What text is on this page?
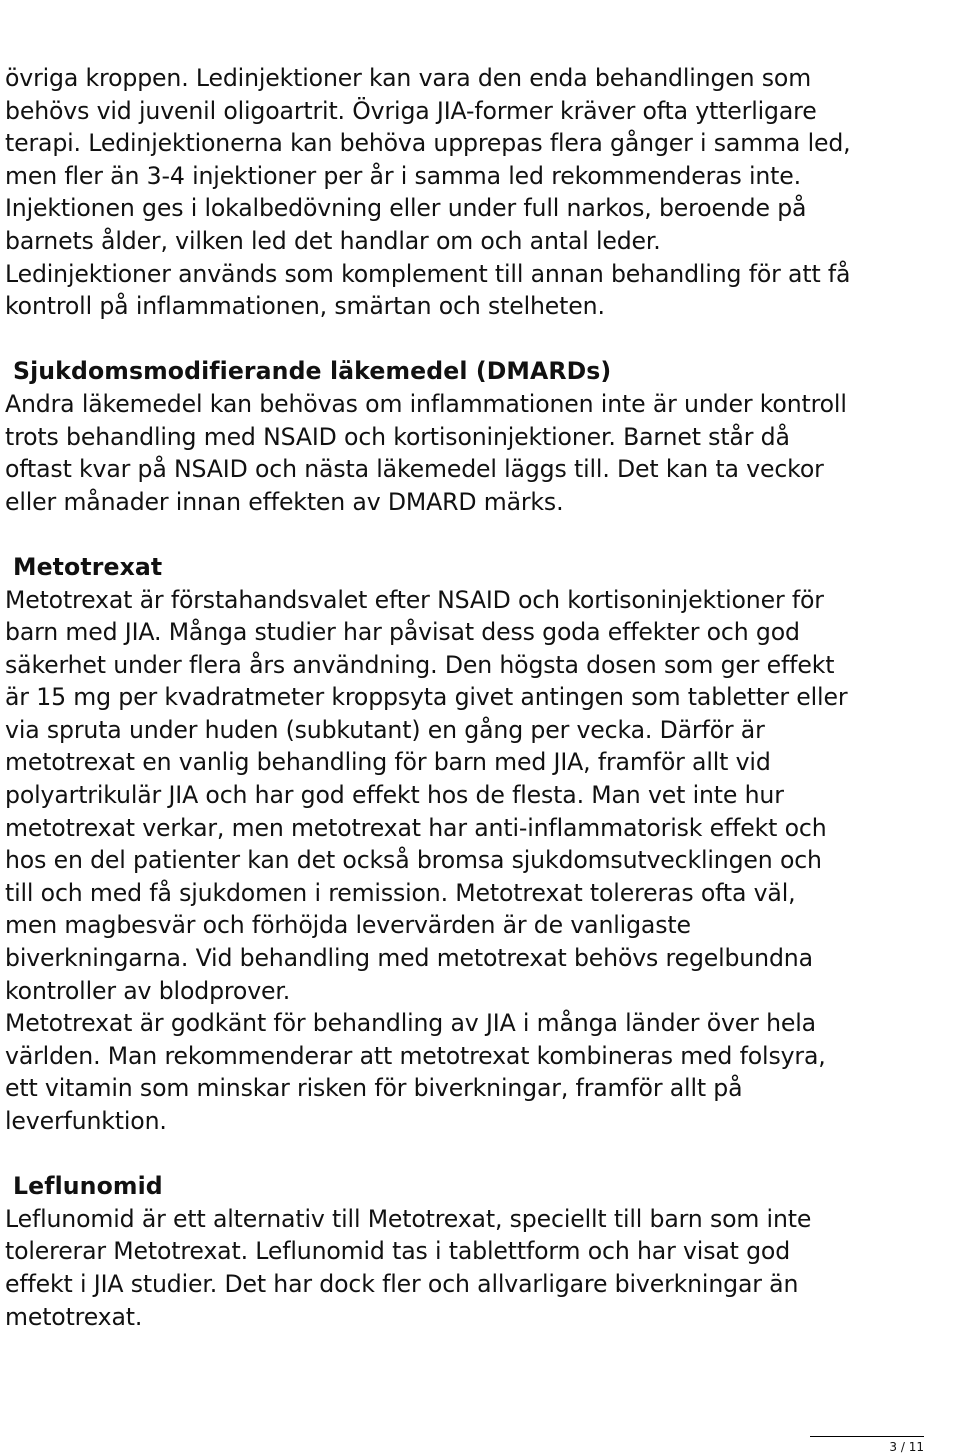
övriga kroppen. Ledinjektioner kan vara den enda behandlingen som

behövs vid juvenil oligoartrit. Övriga JIA-former kräver ofta ytterligare

terapi. Ledinjektionerna kan behöva upprepas flera gånger i samma led,

men fler än 3-4 injektioner per år i samma led rekommenderas inte.

Injektionen ges i lokalbedövning eller under full narkos, beroende på

barnets ålder, vilken led det handlar om och antal leder.

Ledinjektioner används som komplement till annan behandling för att få

kontroll på inflammationen, smärtan och stelheten.

Sjukdomsmodifierande läkemedel (DMARDs)

Andra läkemedel kan behövas om inflammationen inte är under kontroll

trots behandling med NSAID och kortisoninjektioner. Barnet står då

oftast kvar på NSAID och nästa läkemedel läggs till. Det kan ta veckor

eller månader innan effekten av DMARD märks.

Metotrexat

Metotrexat är förstahandsvalet efter NSAID och kortisoninjektioner för

barn med JIA. Många studier har påvisat dess goda effekter och god

säkerhet under flera års användning. Den högsta dosen som ger effekt

är 15 mg per kvadratmeter kroppsyta givet antingen som tabletter eller

via spruta under huden (subkutant) en gång per vecka. Därför är

metotrexat en vanlig behandling för barn med JIA, framför allt vid

polyartrikulär JIA och har god effekt hos de flesta. Man vet inte hur

metotrexat verkar, men metotrexat har anti-inflammatorisk effekt och

hos en del patienter kan det också bromsa sjukdomsutvecklingen och

till och med få sjukdomen i remission. Metotrexat tolereras ofta väl,

men magbesvär och förhöjda levervärden är de vanligaste

biverkningarna. Vid behandling med metotrexat behövs regelbundna

kontroller av blodprover.

Metotrexat är godkänt för behandling av JIA i många länder över hela

världen. Man rekommenderar att metotrexat kombineras med folsyra,

ett vitamin som minskar risken för biverkningar, framför allt på

leverfunktion.

Leflunomid

Leflunomid är ett alternativ till Metotrexat, speciellt till barn som inte

tolererar Metotrexat. Leflunomid tas i tablettform och har visat god

effekt i JIA studier. Det har dock fler och allvarligare biverkningar än

metotrexat.

3 / 11
